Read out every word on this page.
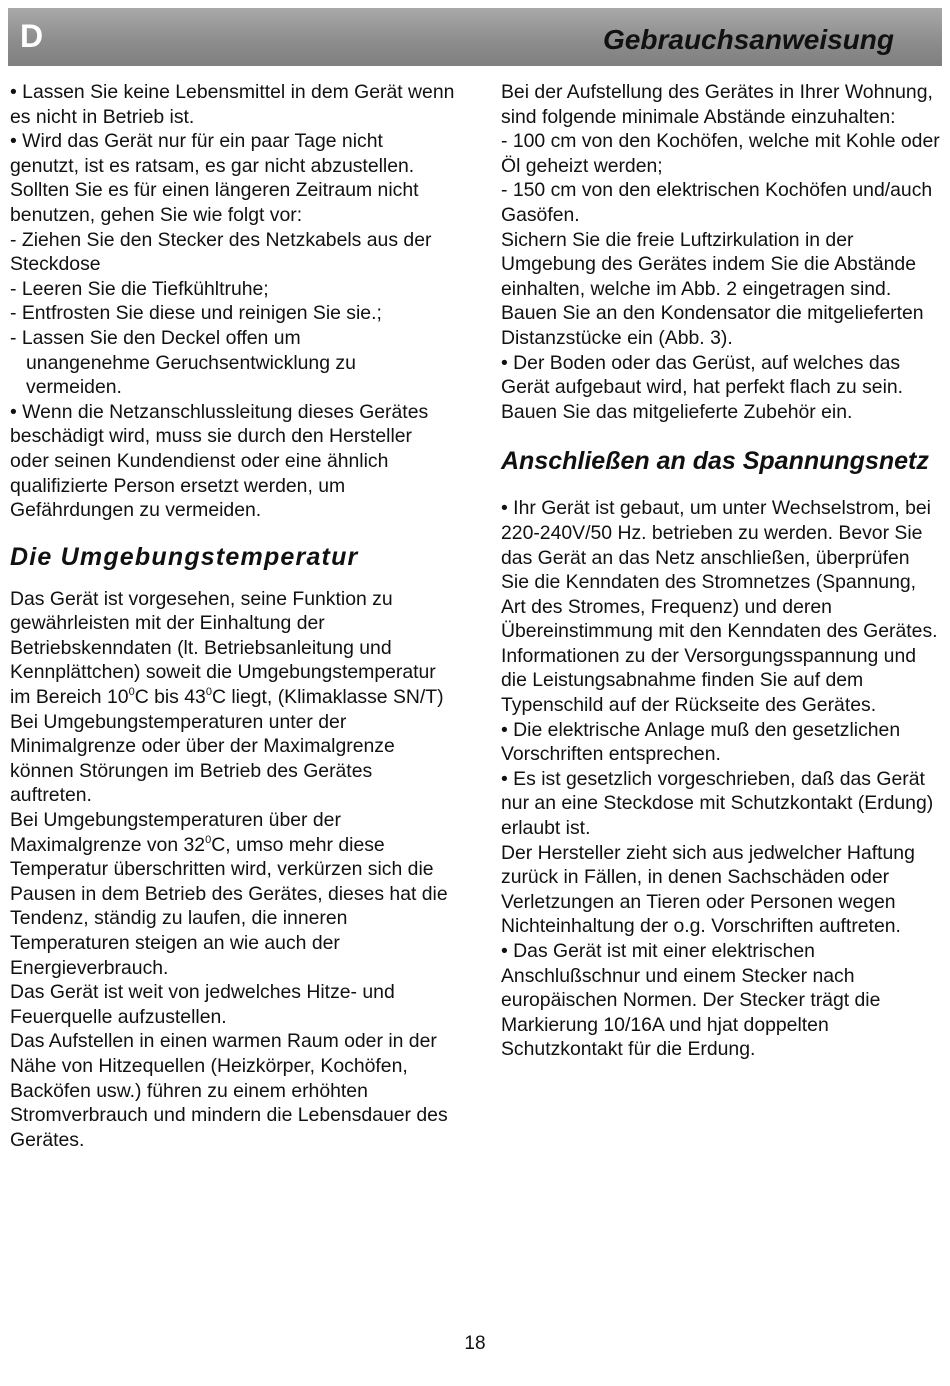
D	Gebrauchsanweisung

• Lassen Sie keine Lebensmittel in dem Gerät wenn es nicht in Betrieb ist.

• Wird das Gerät nur für ein paar Tage nicht genutzt, ist es ratsam, es gar nicht abzustellen. Sollten Sie es für einen längeren Zeitraum nicht benutzen, gehen Sie wie folgt vor:

- Ziehen Sie den Stecker des Netzkabels aus der Steckdose

- Leeren Sie die Tiefkühltruhe;

- Entfrosten Sie diese und reinigen Sie sie.;

- Lassen Sie den Deckel offen um

unangenehme Geruchsentwicklung zu vermeiden.

• Wenn die Netzanschlussleitung dieses Gerätes beschädigt wird, muss sie durch den Hersteller oder seinen Kundendienst oder eine ähnlich qualifizierte Person ersetzt werden, um Gefährdungen zu vermeiden.

Die Umgebungstemperatur

Das Gerät ist vorgesehen, seine Funktion zu gewährleisten mit der Einhaltung der Betriebskenndaten (lt. Betriebsanleitung und Kennplättchen) soweit die Umgebungstemperatur im Bereich $10^0C$ bis $43^0C$ liegt, (Klimaklasse SN/T)

Bei Umgebungstemperaturen unter der Minimalgrenze oder über der Maximalgrenze können Störungen im Betrieb des Gerätes auftreten.

Bei Umgebungstemperaturen über der Maximalgrenze von $32^0C$, umso mehr diese Temperatur überschritten wird, verkürzen sich die Pausen in dem Betrieb des Gerätes, dieses hat die Tendenz, ständig zu laufen, die inneren Temperaturen steigen an wie auch der Energieverbrauch.

Das Gerät ist weit von jedwelches Hitze- und Feuerquelle aufzustellen.

Das Aufstellen in einen warmen Raum oder in der Nähe von Hitzequellen (Heizkörper, Kochöfen, Backöfen usw.) führen zu einem erhöhten Stromverbrauch und mindern die Lebensdauer des Gerätes.

Bei der Aufstellung des Gerätes in Ihrer Wohnung, sind folgende minimale Abstände einzuhalten:

- 100 cm von den Kochöfen, welche mit Kohle oder Öl geheizt werden;

- 150 cm von den elektrischen Kochöfen und/auch Gasöfen.

Sichern Sie die freie Luftzirkulation in der Umgebung des Gerätes indem Sie die Abstände einhalten, welche im Abb. 2 eingetragen sind.

Bauen Sie an den Kondensator die mitgelieferten Distanzstücke ein (Abb. 3).

• Der Boden oder das Gerüst, auf welches das Gerät aufgebaut wird, hat perfekt flach zu sein.

Bauen Sie das mitgelieferte Zubehör ein.

Anschließen an das Spannungsnetz

• Ihr Gerät ist gebaut, um unter Wechselstrom, bei 220-240V/50 Hz. betrieben zu werden. Bevor Sie das Gerät an das Netz anschließen, überprüfen Sie die Kenndaten des Stromnetzes (Spannung, Art des Stromes, Frequenz) und deren Übereinstimmung mit den Kenndaten des Gerätes. Informationen zu der Versorgungsspannung und die Leistungsabnahme finden Sie auf dem Typenschild auf der Rückseite des Gerätes.

• Die elektrische Anlage muß den gesetzlichen Vorschriften entsprechen.

• Es ist gesetzlich vorgeschrieben, daß das Gerät nur an eine Steckdose mit Schutzkontakt (Erdung) erlaubt ist.

Der Hersteller zieht sich aus jedwelcher Haftung zurück in Fällen, in denen Sachschäden oder Verletzungen an Tieren oder Personen wegen Nichteinhaltung der o.g. Vorschriften auftreten.

• Das Gerät ist mit einer elektrischen Anschlußschnur und einem Stecker nach europäischen Normen. Der Stecker trägt die Markierung 10/16A und hjat doppelten Schutzkontakt für die Erdung.

18
